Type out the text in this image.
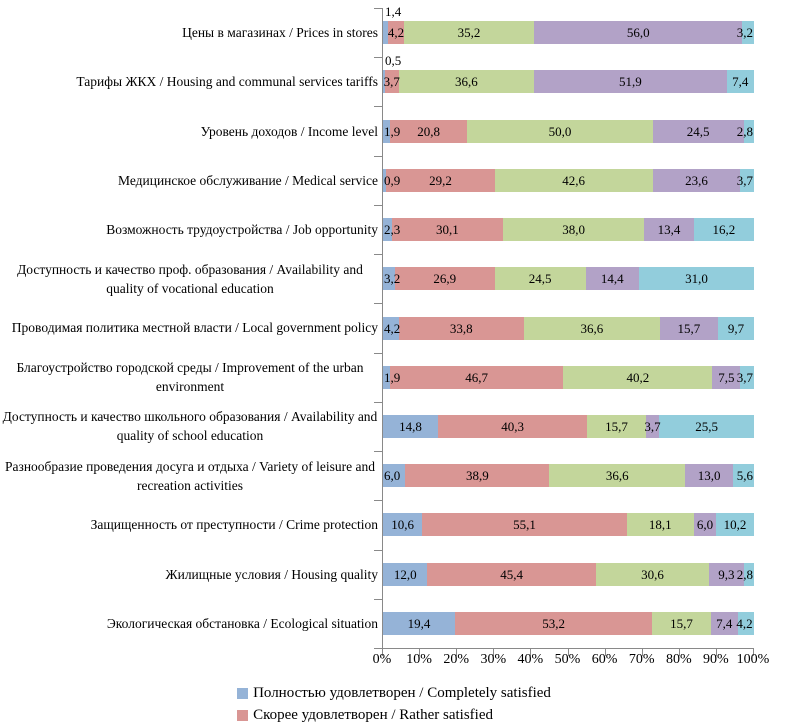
Цены в магазинах / Prices in stores
Тарифы ЖКХ / Housing and communal services tariffs
Уровень доходов / Income level
Медицинское обслуживание / Medical service
Возможность трудоустройства / Job opportunity
Доступность и качество проф. образования / Availability and quality of vocational education
Проводимая политика местной власти / Local government policy
Благоустройство городской среды / Improvement of the urban environment
Доступность и качество школьного образования / Availability and quality of school education
Разнообразие проведения досуга и отдыха / Variety of leisure and recreation activities
Защищенность от преступности / Crime protection
Жилищные условия / Housing quality
Экологическая обстановка / Ecological situation
4,2	35,2	56,0	3,2
1,4
3,7	36,6	51,9	7,4
0,5
1,9 20,8	50,0	24,5 2,8
0,9 29,2	42,6	23,6 3,7
2,3	30,1	38,0	13,4 16,2
3,2	26,9	24,5	14,4	31,0
4,2	33,8	36,6	15,7 9,7
1,9	46,7	40,2	7,5 3,7
14,8	40,3	15,7 3,7	25,5
6,0	38,9	36,6	13,0 5,6
10,6	55,1	18,1 6,0 10,2
12,0	45,4	30,6	9,3 2,8
19,4	53,2	15,7 7,4 4,2
0%	10% 20% 30% 40% 50% 60% 70% 80% 90% 100%
Полностью удовлетворен / Completely satisfied
Скорее удовлетворен / Rather satisfied
